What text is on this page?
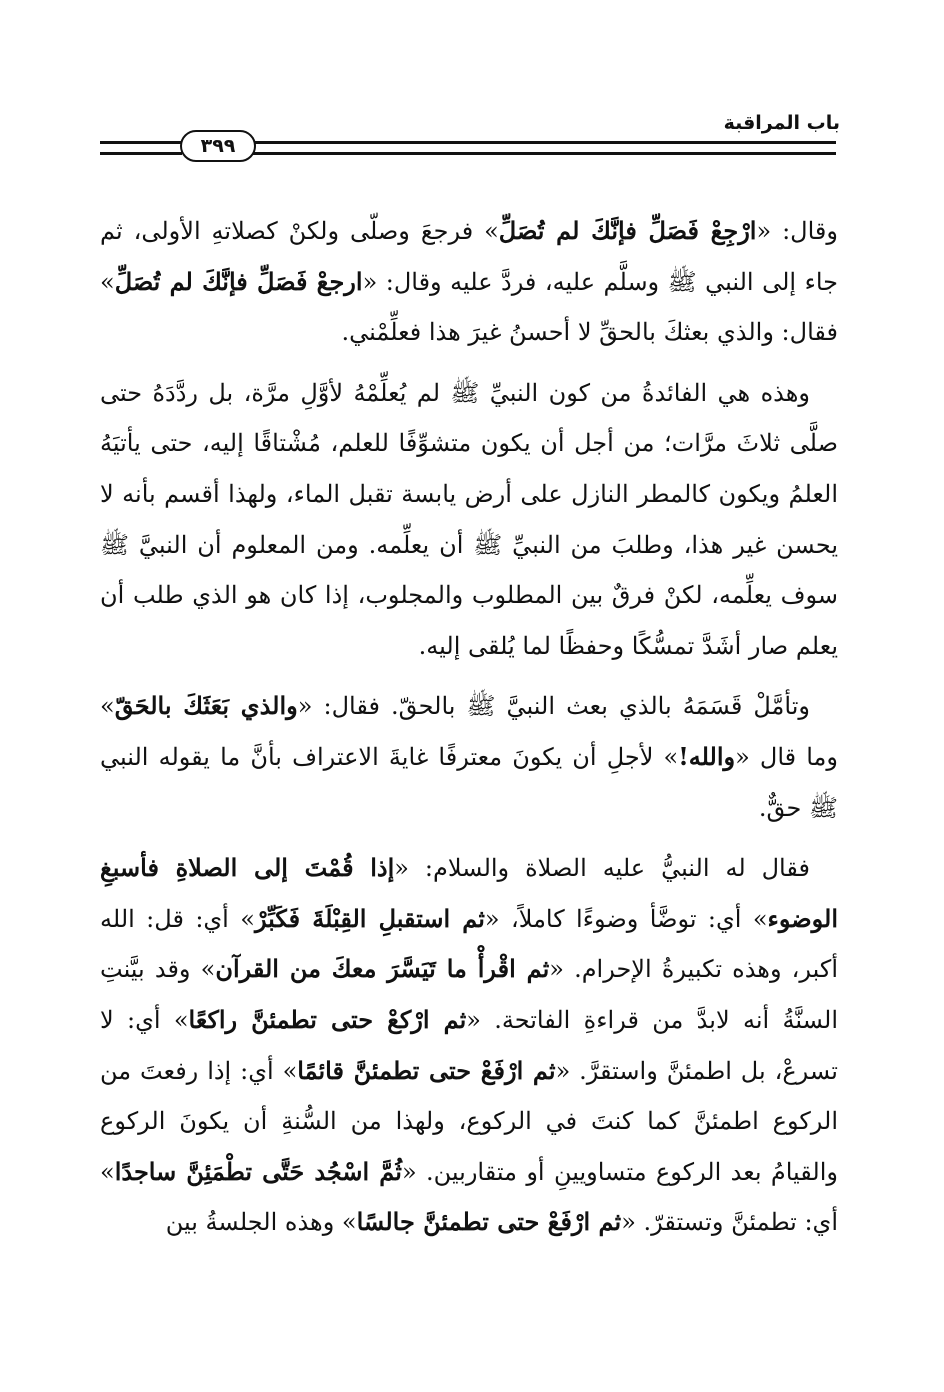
باب المراقبة
٣٩٩

وقال: «ارْجِعْ فَصَلِّ فإنَّكَ لم تُصَلِّ» فرجعَ وصلّى ولكنْ كصلاتهِ الأولى، ثم جاء إلى النبي ﷺ وسلَّم عليه، فردَّ عليه وقال: «ارجعْ فَصَلِّ فإنَّكَ لم تُصَلِّ» فقال: والذي بعثكَ بالحقِّ لا أحسنُ غيرَ هذا فعلِّمْني.

وهذه هي الفائدةُ من كون النبيِّ ﷺ لم يُعلِّمْهُ لأوَّلِ مرَّة، بل ردَّدَهُ حتى صلَّى ثلاثَ مرَّات؛ من أجل أن يكون متشوِّفًا للعلم، مُشْتاقًا إليه، حتى يأتيَهُ العلمُ ويكون كالمطر النازل على أرض يابسة تقبل الماء، ولهذا أقسم بأنه لا يحسن غير هذا، وطلبَ من النبيِّ ﷺ أن يعلِّمه. ومن المعلوم أن النبيَّ ﷺ سوف يعلِّمه، لكنْ فرقٌ بين المطلوب والمجلوب، إذا كان هو الذي طلب أن يعلم صار أشَدَّ تمسُّكًا وحفظًا لما يُلقى إليه.

وتأمَّلْ قَسَمَهُ بالذي بعث النبيَّ ﷺ بالحقّ. فقال: «والذي بَعَثَكَ بالحَقّ» وما قال «والله!» لأجلِ أن يكونَ معترفًا غايةَ الاعتراف بأنَّ ما يقوله النبي ﷺ حقٌّ.

فقال له النبيُّ عليه الصلاة والسلام: «إذا قُمْتَ إلى الصلاةِ فأسبغِ الوضوء» أي: توضَّأ وضوءًا كاملاً، «ثم استقبلِ القِبْلَةَ فَكَبِّرْ» أي: قل: الله أكبر، وهذه تكبيرةُ الإحرام. «ثم اقْرأْ ما تَيَسَّرَ معكَ من القرآن» وقد بيَّنتِ السنَّةُ أنه لابدَّ من قراءةِ الفاتحة. «ثم ارْكعْ حتى تطمئنَّ راكعًا» أي: لا تسرعْ، بل اطمئنَّ واستقرَّ. «ثم ارْفَعْ حتى تطمئنَّ قائمًا» أي: إذا رفعتَ من الركوع اطمئنَّ كما كنتَ في الركوع، ولهذا من السُّنةِ أن يكونَ الركوع والقيامُ بعد الركوع متساويينِ أو متقاربين. «ثُمَّ اسْجُد حَتَّى تطْمَئِنَّ ساجدًا» أي: تطمئنَّ وتستقرّ. «ثم ارْفَعْ حتى تطمئنَّ جالسًا» وهذه الجلسةُ بين
